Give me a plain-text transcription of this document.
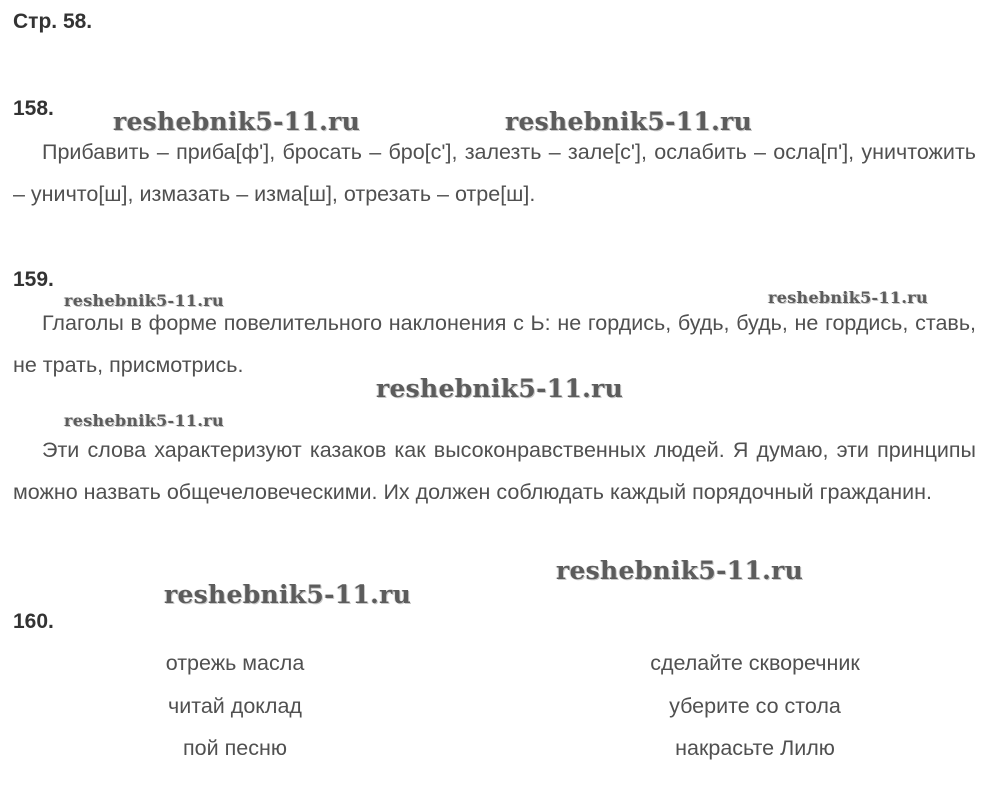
Стр. 58.
158. reshebnik5-11.ru	reshebnik5-11.ru

Прибавить – приба[ф'], бросать – бро[с'], залезть – зале[с'], ослабить – осла[п'], уничтожить – уничто[ш], измазать – изма[ш], отрезать – отре[ш].

159.
reshebnik5-11.ru	reshebnik5-11.ru

Глаголы в форме повелительного наклонения с Ь: не гордись, будь, будь, не гордись, ставь, не трать, присмотрись.

reshebnik5-11.ru
reshebnik5-11.ru

Эти слова характеризуют казаков как высоконравственных людей. Я думаю, эти принципы можно назвать общечеловеческими. Их должен соблюдать каждый порядочный гражданин.

reshebnik5-11.ru
reshebnik5-11.ru
160.
отрежь масла
читай доклад
пой песню
сделайте скворечник
уберите со стола
накрасьте Лилю
